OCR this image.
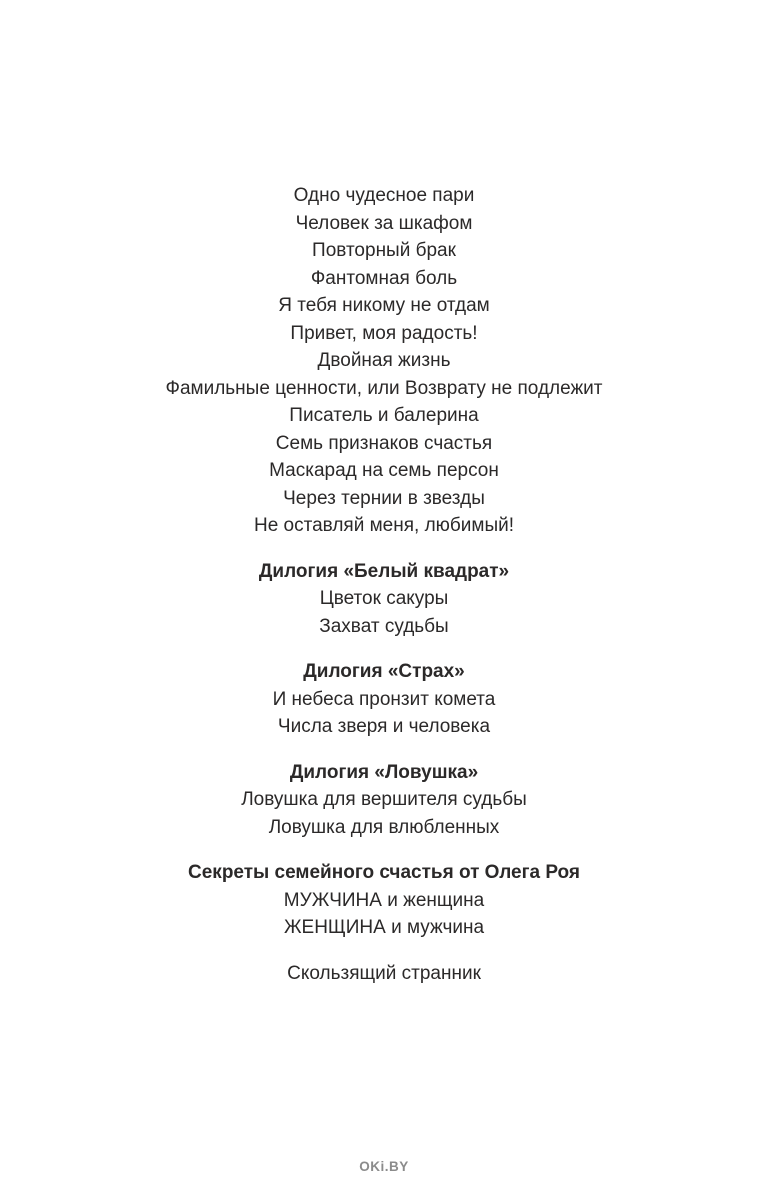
Одно чудесное пари
Человек за шкафом
Повторный брак
Фантомная боль
Я тебя никому не отдам
Привет, моя радость!
Двойная жизнь
Фамильные ценности, или Возврату не подлежит
Писатель и балерина
Семь признаков счастья
Маскарад на семь персон
Через тернии в звезды
Не оставляй меня, любимый!
Дилогия «Белый квадрат»
Цветок сакуры
Захват судьбы
Дилогия «Страх»
И небеса пронзит комета
Числа зверя и человека
Дилогия «Ловушка»
Ловушка для вершителя судьбы
Ловушка для влюбленных
Секреты семейного счастья от Олега Роя
МУЖЧИНА и женщина
ЖЕНЩИНА и мужчина
Скользящий странник
OKi.BY
